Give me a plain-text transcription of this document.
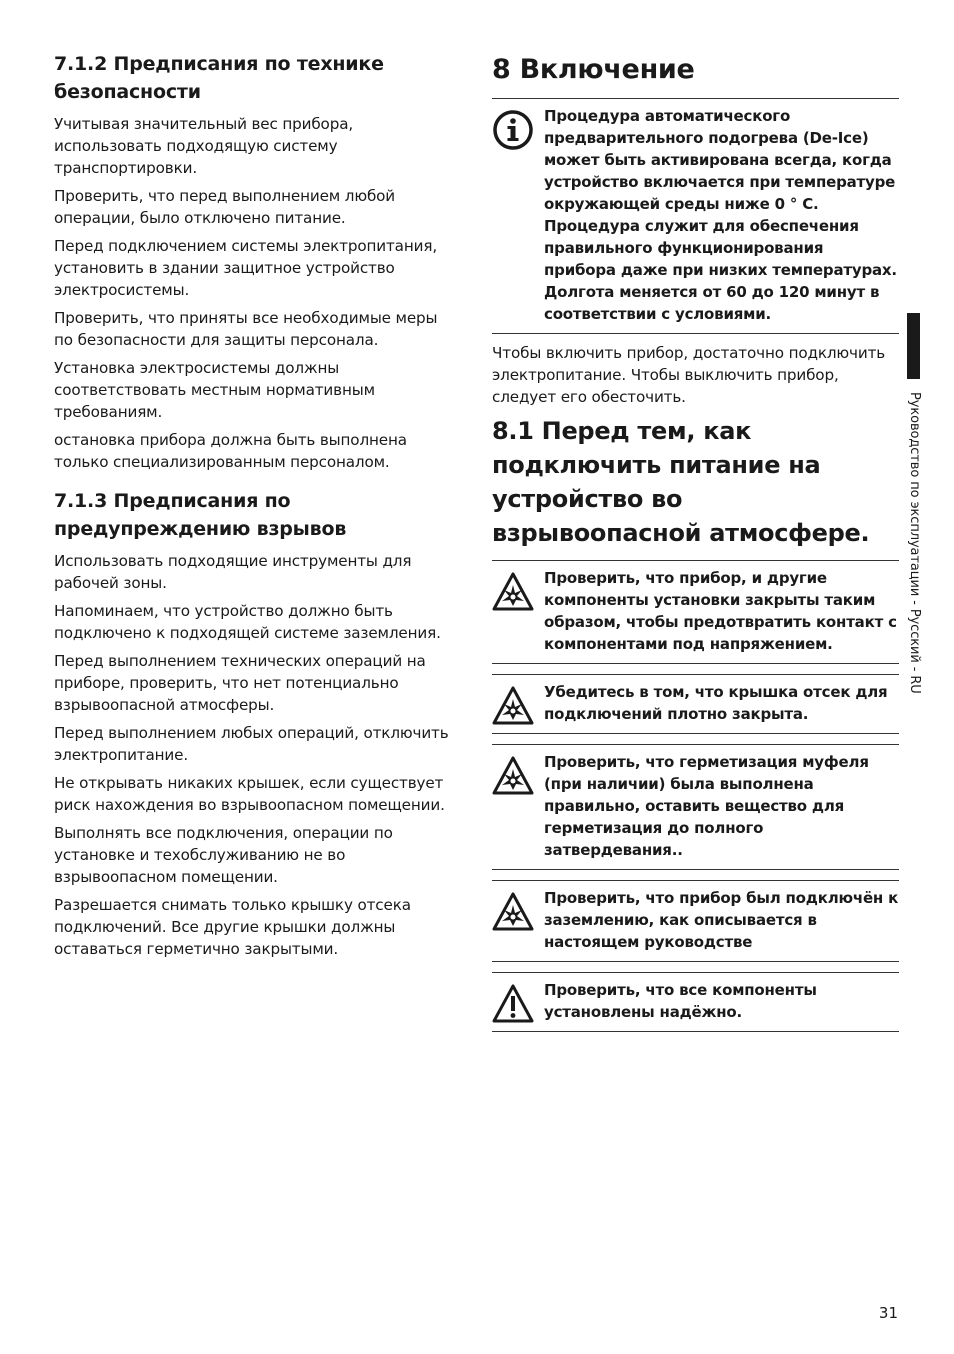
7.1.2 Предписания по технике безопасности

Учитывая значительный вес прибора, использовать подходящую систему транспортировки.

Проверить, что перед выполнением любой операции, было отключено питание.

Перед подключением системы электропитания, установить в здании защитное устройство электросистемы.

Проверить, что приняты все необходимые меры по безопасности для защиты персонала.

Установка электросистемы должны соответствовать местным нормативным требованиям.

остановка прибора должна быть выполнена только специализированным персоналом.

7.1.3 Предписания по предупреждению взрывов

Использовать подходящие инструменты для рабочей зоны.

Напоминаем, что устройство должно быть подключено к подходящей системе заземления.

Перед выполнением технических операций на приборе, проверить, что нет потенциально взрывоопасной атмосферы.

Перед выполнением любых операций, отключить электропитание.

Не открывать никаких крышек, если существует риск нахождения во взрывоопасном помещении.

Выполнять все подключения, операции по установке и техобслуживанию не во взрывоопасном помещении.

Разрешается снимать только крышку отсека подключений. Все другие крышки должны оставаться герметично закрытыми.

8 Включение
Процедура автоматического предварительного подогрева (De-Ice) может быть активирована всегда, когда устройство включается при температуре окружающей среды ниже 0 ° C. Процедура служит для обеспечения правильного функционирования прибора даже при низких температурах. Долгота меняется от 60 до 120 минут в соответствии с условиями.

Чтобы включить прибор, достаточно подключить электропитание. Чтобы выключить прибор, следует его обесточить.

8.1 Перед тем, как подключить питание на устройство во взрывоопасной атмосфере.
Проверить, что прибор, и другие компоненты установки закрыты таким образом, чтобы предотвратить контакт с компонентами под напряжением.
Убедитесь в том, что крышка отсек для подключений плотно закрыта.
Проверить, что герметизация муфеля (при наличии) была выполнена правильно, оставить вещество для герметизация до полного затвердевания..
Проверить, что прибор был подключён к заземлению, как описывается в настоящем руководстве
Проверить, что все компоненты установлены надёжно.
Руководство по эксплуатации - Русский - RU
31
